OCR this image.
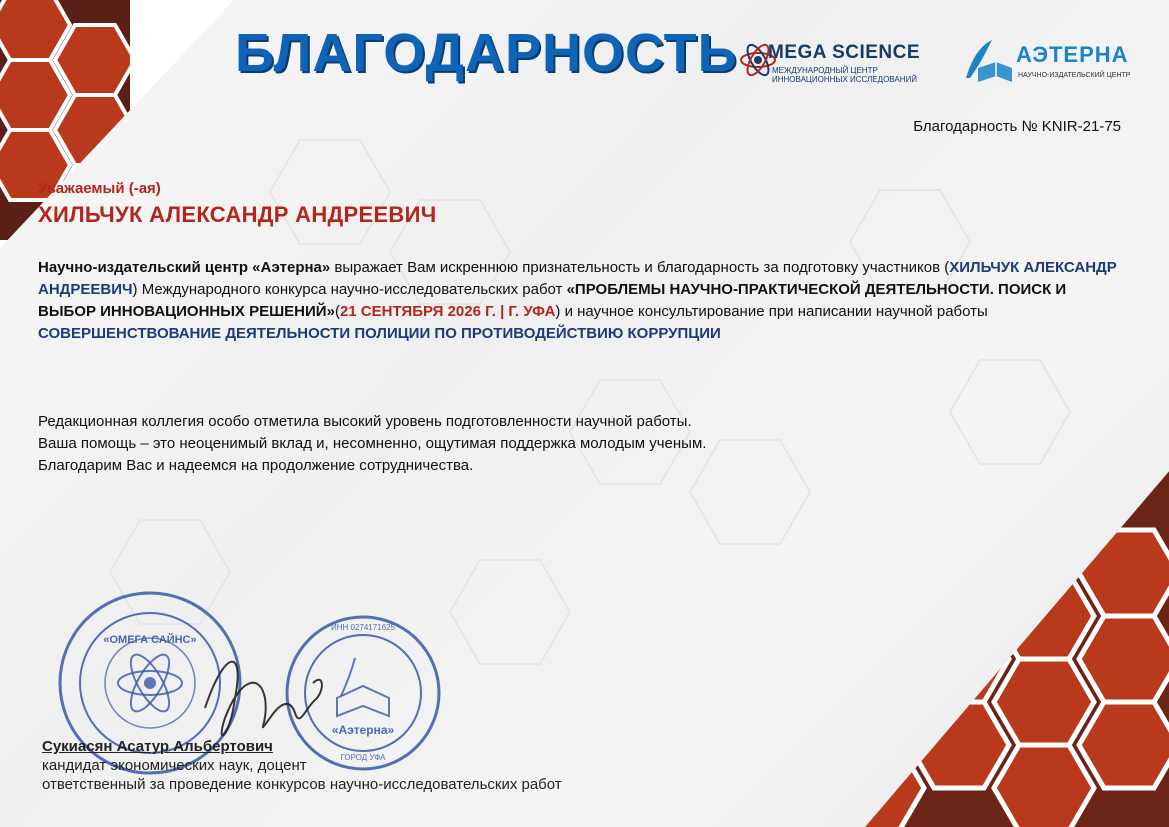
БЛАГОДАРНОСТЬ MEGA SCIENCE
МЕЖДУНАРОДНЫЙ ЦЕНТР ИННОВАЦИОННЫХ ИССЛЕДОВАНИЙ
АЭТЕРНА
НАУЧНО-ИЗДАТЕЛЬСКИЙ ЦЕНТР
Благодарность № KNIR-21-75
Уважаемый (-ая)
ХИЛЬЧУК АЛЕКСАНДР АНДРЕЕВИЧ
Научно-издательский центр «Аэтерна» выражает Вам искреннюю признательность и благодарность за подготовку участников (ХИЛЬЧУК АЛЕКСАНДР АНДРЕЕВИЧ) Международного конкурса научно-исследовательских работ «ПРОБЛЕМЫ НАУЧНО-ПРАКТИЧЕСКОЙ ДЕЯТЕЛЬНОСТИ. ПОИСК И ВЫБОР ИННОВАЦИОННЫХ РЕШЕНИЙ»(21 СЕНТЯБРЯ 2026 Г. | Г. УФА) и научное консультирование при написании научной работы СОВЕРШЕНСТВОВАНИЕ ДЕЯТЕЛЬНОСТИ ПОЛИЦИИ ПО ПРОТИВОДЕЙСТВИЮ КОРРУПЦИИ
Редакционная коллегия особо отметила высокий уровень подготовленности научной работы.
Ваша помощь – это неоценимый вклад и, несомненно, ощутимая поддержка молодым ученым.
Благодарим Вас и надеемся на продолжение сотрудничества.
«ОМЕГА САЙНС»
«Аэтерна»
ГОРОД УФА
ИНН 0274171625
Сукиасян Асатур Альбертович
кандидат экономических наук, доцент
ответственный за проведение конкурсов научно-исследовательских работ
